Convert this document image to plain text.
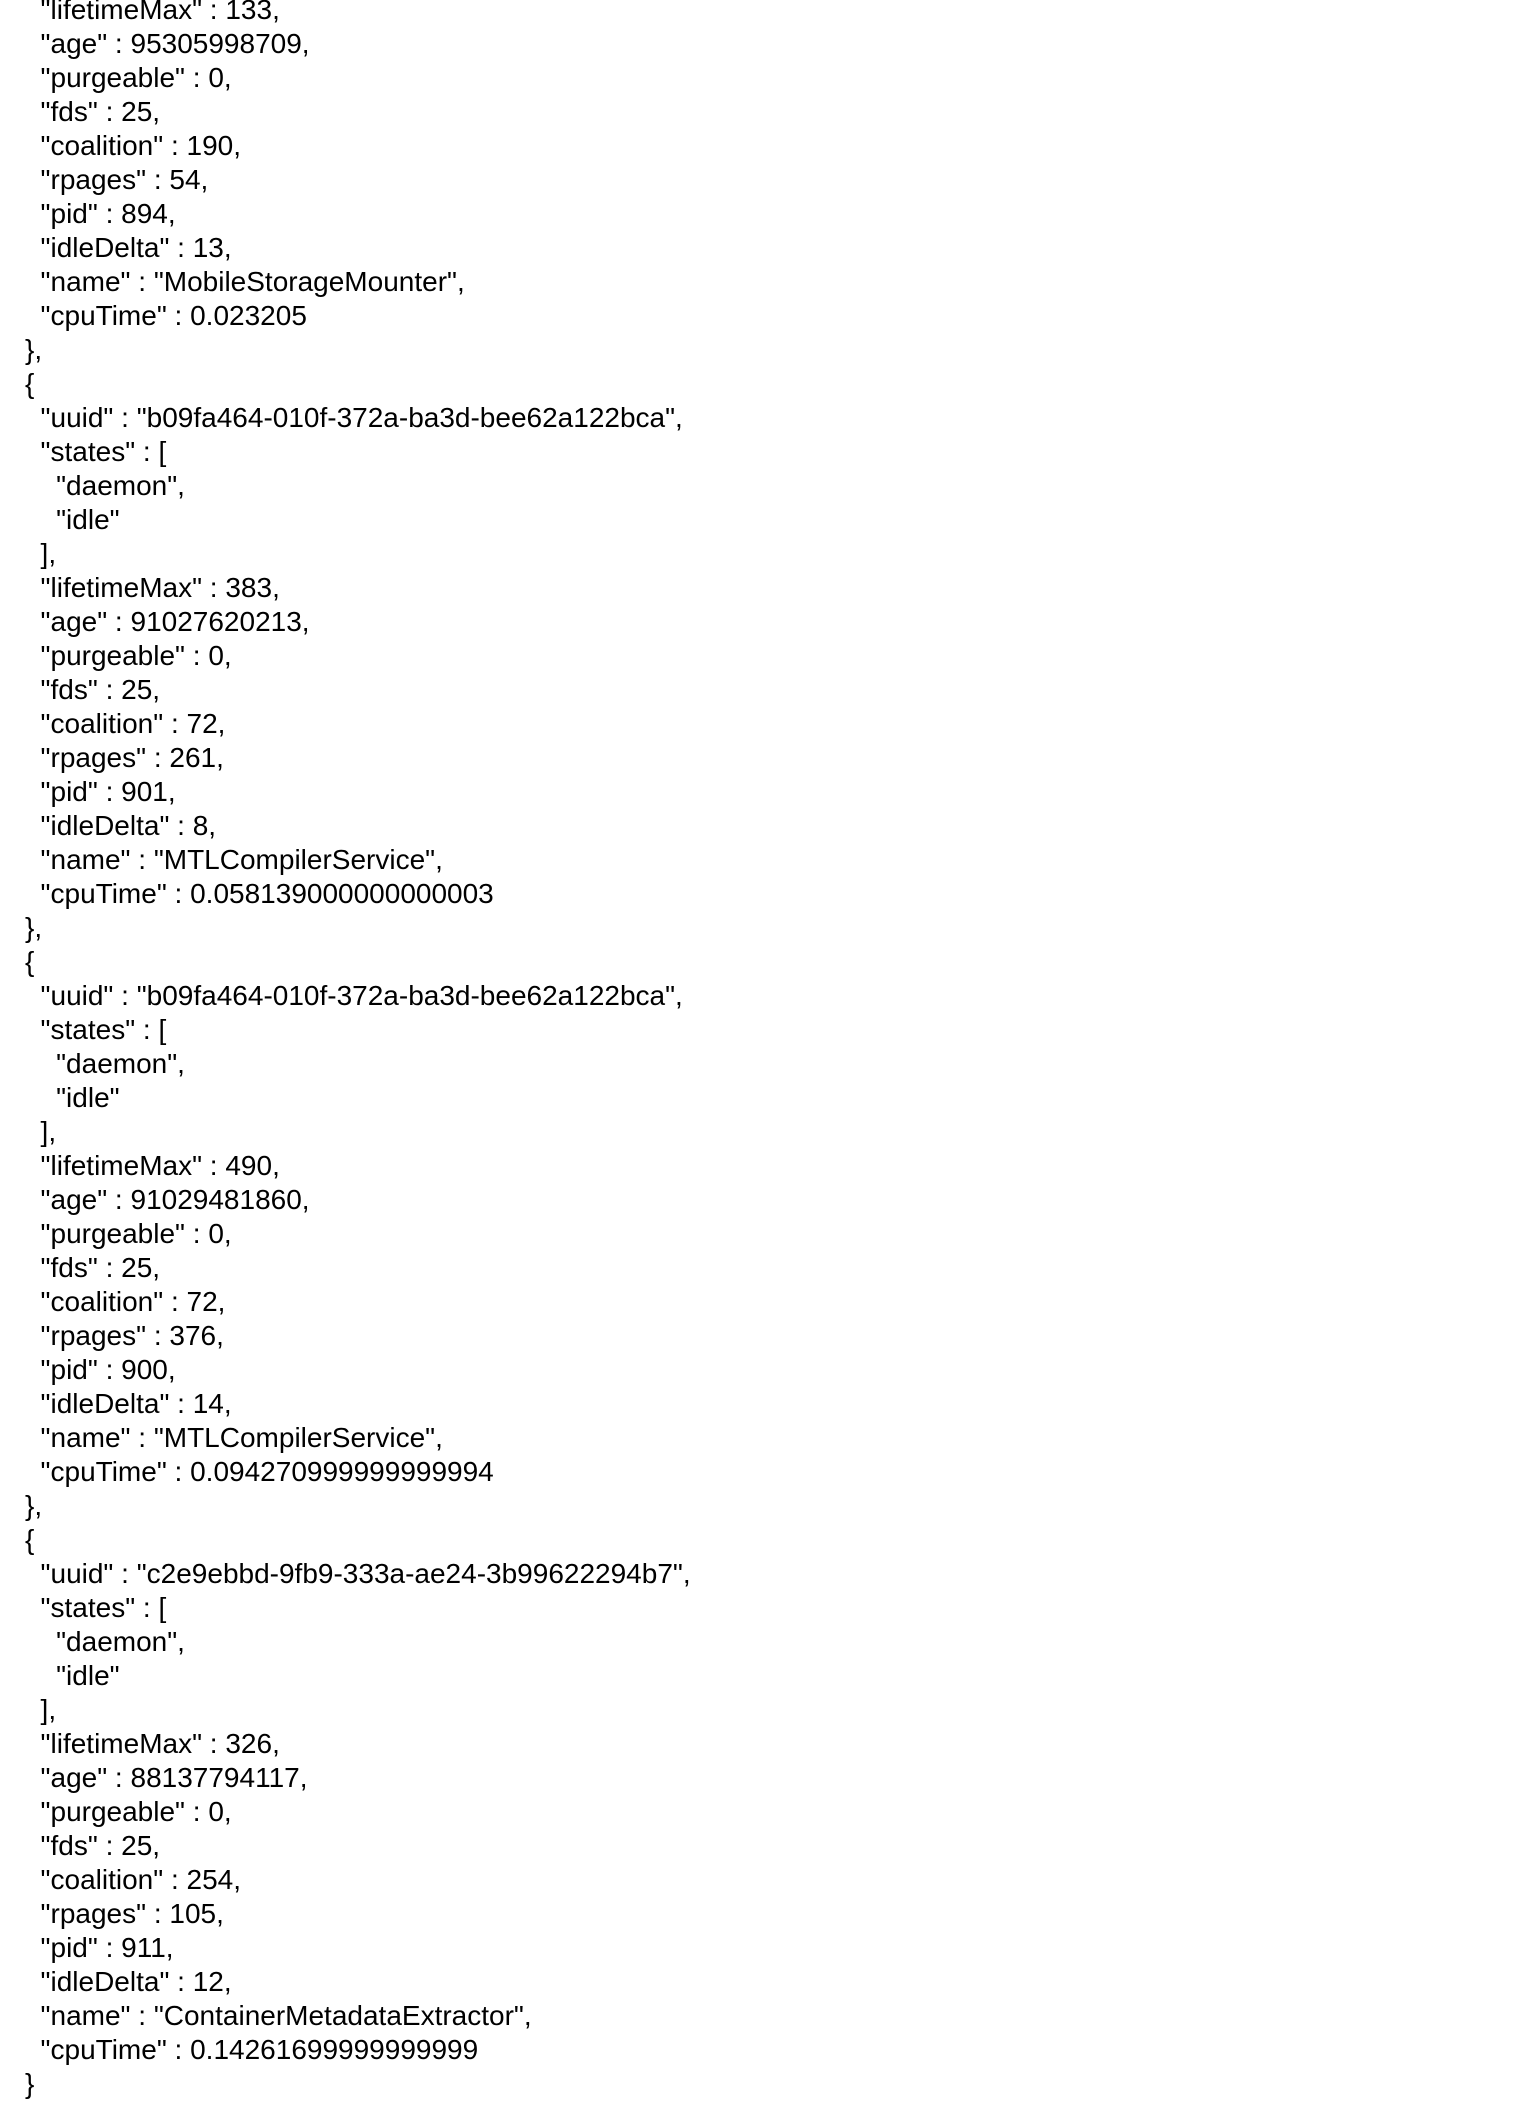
"lifetimeMax" : 133,
"age" : 95305998709,
"purgeable" : 0,
"fds" : 25,
"coalition" : 190,
"rpages" : 54,
"pid" : 894,
"idleDelta" : 13,
"name" : "MobileStorageMounter",
"cpuTime" : 0.023205
},
{
"uuid" : "b09fa464-010f-372a-ba3d-bee62a122bca",
"states" : [
"daemon",
"idle"
],
"lifetimeMax" : 383,
"age" : 91027620213,
"purgeable" : 0,
"fds" : 25,
"coalition" : 72,
"rpages" : 261,
"pid" : 901,
"idleDelta" : 8,
"name" : "MTLCompilerService",
"cpuTime" : 0.058139000000000003
},
{
"uuid" : "b09fa464-010f-372a-ba3d-bee62a122bca",
"states" : [
"daemon",
"idle"
],
"lifetimeMax" : 490,
"age" : 91029481860,
"purgeable" : 0,
"fds" : 25,
"coalition" : 72,
"rpages" : 376,
"pid" : 900,
"idleDelta" : 14,
"name" : "MTLCompilerService",
"cpuTime" : 0.094270999999999994
},
{
"uuid" : "c2e9ebbd-9fb9-333a-ae24-3b99622294b7",
"states" : [
"daemon",
"idle"
],
"lifetimeMax" : 326,
"age" : 88137794117,
"purgeable" : 0,
"fds" : 25,
"coalition" : 254,
"rpages" : 105,
"pid" : 911,
"idleDelta" : 12,
"name" : "ContainerMetadataExtractor",
"cpuTime" : 0.14261699999999999
}
